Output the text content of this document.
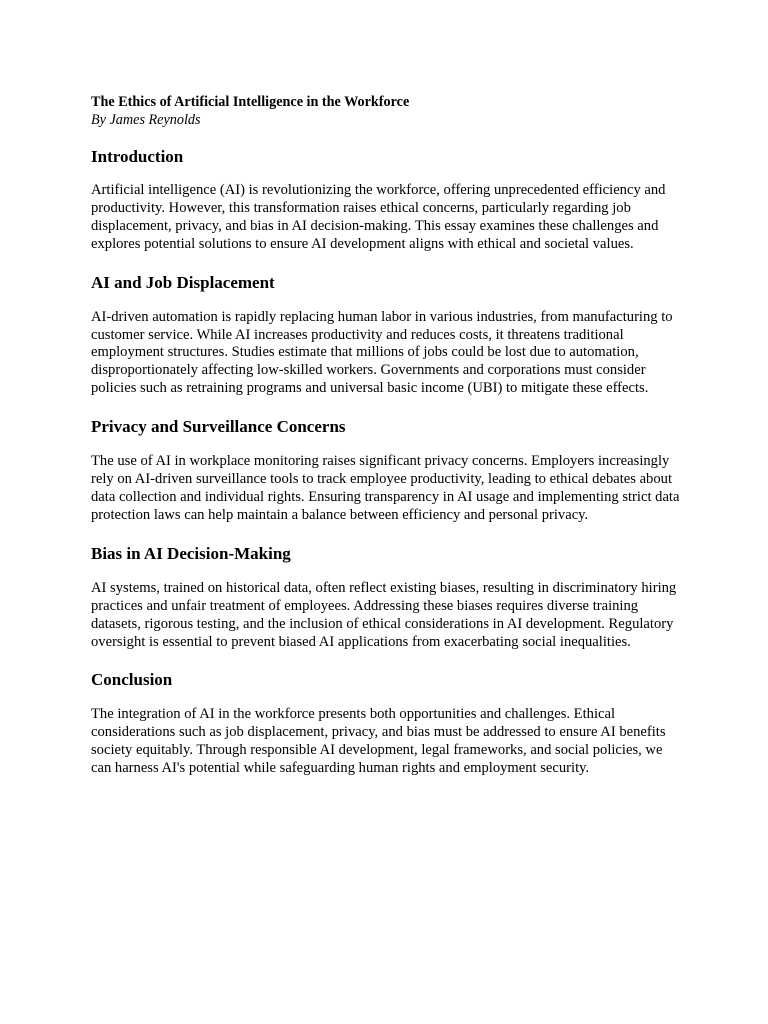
The Ethics of Artificial Intelligence in the Workforce

By James Reynolds

Introduction

Artificial intelligence (AI) is revolutionizing the workforce, offering unprecedented efficiency and productivity. However, this transformation raises ethical concerns, particularly regarding job displacement, privacy, and bias in AI decision-making. This essay examines these challenges and explores potential solutions to ensure AI development aligns with ethical and societal values.

AI and Job Displacement

AI-driven automation is rapidly replacing human labor in various industries, from manufacturing to customer service. While AI increases productivity and reduces costs, it threatens traditional employment structures. Studies estimate that millions of jobs could be lost due to automation, disproportionately affecting low-skilled workers. Governments and corporations must consider policies such as retraining programs and universal basic income (UBI) to mitigate these effects.

Privacy and Surveillance Concerns

The use of AI in workplace monitoring raises significant privacy concerns. Employers increasingly rely on AI-driven surveillance tools to track employee productivity, leading to ethical debates about data collection and individual rights. Ensuring transparency in AI usage and implementing strict data protection laws can help maintain a balance between efficiency and personal privacy.

Bias in AI Decision-Making

AI systems, trained on historical data, often reflect existing biases, resulting in discriminatory hiring practices and unfair treatment of employees. Addressing these biases requires diverse training datasets, rigorous testing, and the inclusion of ethical considerations in AI development. Regulatory oversight is essential to prevent biased AI applications from exacerbating social inequalities.

Conclusion

The integration of AI in the workforce presents both opportunities and challenges. Ethical considerations such as job displacement, privacy, and bias must be addressed to ensure AI benefits society equitably. Through responsible AI development, legal frameworks, and social policies, we can harness AI's potential while safeguarding human rights and employment security.
